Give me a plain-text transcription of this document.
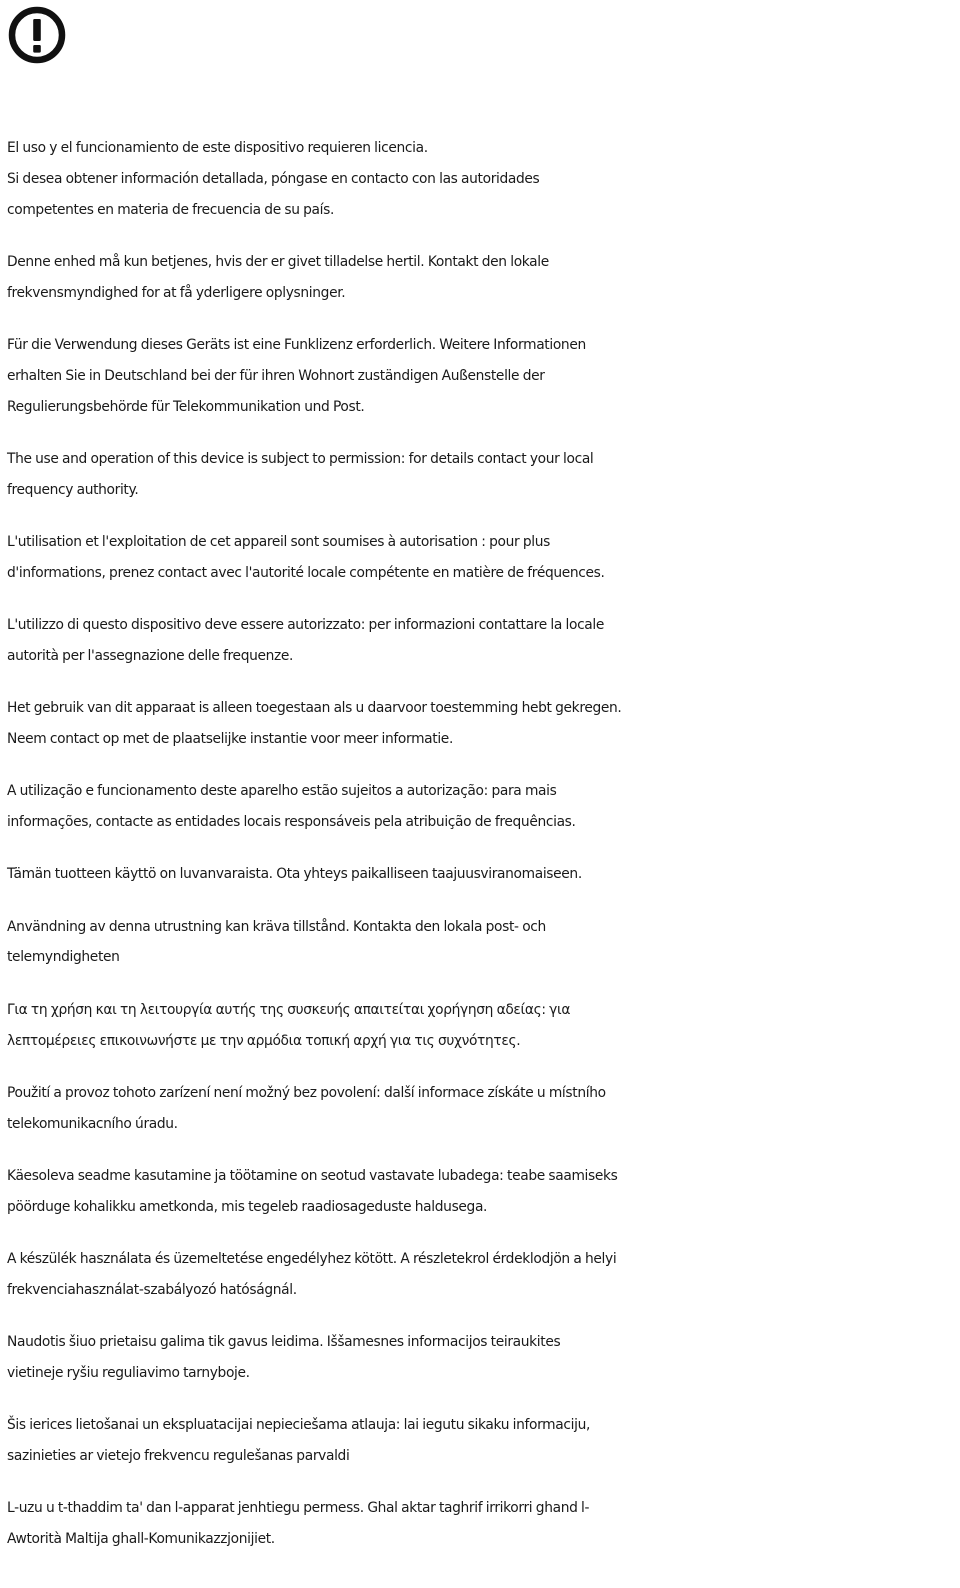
El uso y el funcionamiento de este dispositivo requieren licencia.
Si desea obtener información detallada, póngase en contacto con las autoridades
competentes en materia de frecuencia de su país.

Denne enhed må kun betjenes, hvis der er givet tilladelse hertil. Kontakt den lokale
frekvensmyndighed for at få yderligere oplysninger.

Für die Verwendung dieses Geräts ist eine Funklizenz erforderlich. Weitere Informationen
erhalten Sie in Deutschland bei der für ihren Wohnort zuständigen Außenstelle der
Regulierungsbehörde für Telekommunikation und Post.

The use and operation of this device is subject to permission: for details contact your local
frequency authority.

L'utilisation et l'exploitation de cet appareil sont soumises à autorisation : pour plus
d'informations, prenez contact avec l'autorité locale compétente en matière de fréquences.

L'utilizzo di questo dispositivo deve essere autorizzato: per informazioni contattare la locale
autorità per l'assegnazione delle frequenze.

Het gebruik van dit apparaat is alleen toegestaan als u daarvoor toestemming hebt gekregen.
Neem contact op met de plaatselijke instantie voor meer informatie.

A utilização e funcionamento deste aparelho estão sujeitos a autorização: para mais
informações, contacte as entidades locais responsáveis pela atribuição de frequências.

Tämän tuotteen käyttö on luvanvaraista. Ota yhteys paikalliseen taajuusviranomaiseen.

Användning av denna utrustning kan kräva tillstånd. Kontakta den lokala post- och
telemyndigheten

Για τη χρήση και τη λειτουργία αυτής της συσκευής απαιτείται χορήγηση αδείας: για
λεπτομέρειες επικοινωνήστε με την αρμόδια τοπική αρχή για τις συχνότητες.

Použití a provoz tohoto zarízení není možný bez povolení: další informace získáte u místního
telekomunikacního úradu.

Käesoleva seadme kasutamine ja töötamine on seotud vastavate lubadega: teabe saamiseks
pöörduge kohalikku ametkonda, mis tegeleb raadiosageduste haldusega.

A készülék használata és üzemeltetése engedélyhez kötött. A részletekrol érdeklodjön a helyi
frekvenciahasználat-szabályozó hatóságnál.

Naudotis šiuo prietaisu galima tik gavus leidima. Iššamesnes informacijos teiraukites
vietineje ryšiu reguliavimo tarnyboje.

Šis ierices lietošanai un ekspluatacijai nepieciešama atlauja: lai iegutu sikaku informaciju,
sazinieties ar vietejo frekvencu regulešanas parvaldi

L-uzu u t-thaddim ta' dan l-apparat jenhtiegu permess. Ghal aktar taghrif irrikorri ghand l-
Awtorità Maltija ghall-Komunikazzjonijiet.
